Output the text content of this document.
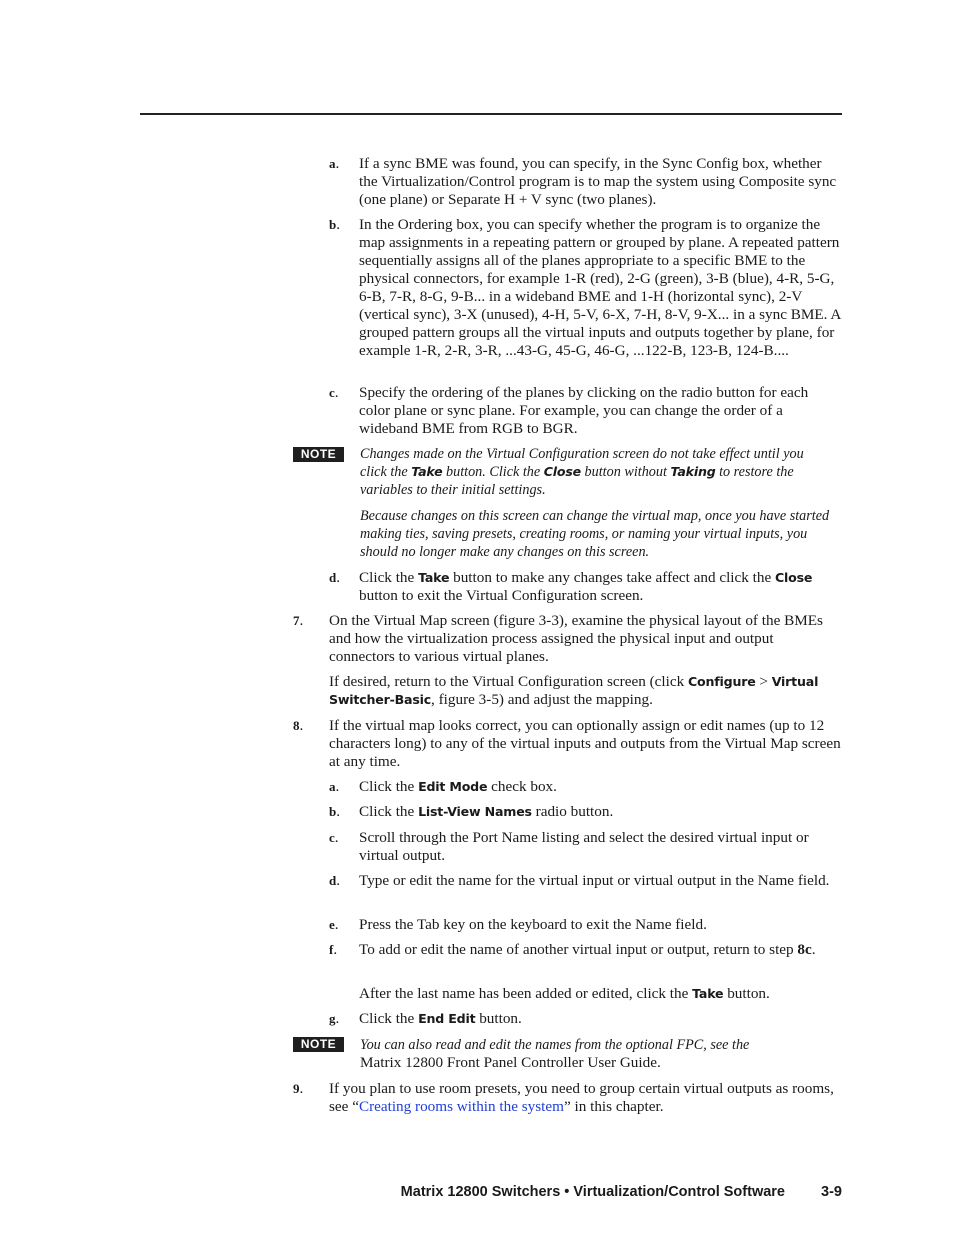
a.	If a sync BME was found, you can specify, in the Sync Config box, whether the Virtualization/Control program is to map the system using Composite sync (one plane) or Separate H + V sync (two planes).
b.	In the Ordering box, you can specify whether the program is to organize the map assignments in a repeating pattern or grouped by plane. A repeated pattern sequentially assigns all of the planes appropriate to a specific BME to the physical connectors, for example 1-R (red), 2-G (green), 3-B (blue), 4-R, 5-G, 6-B, 7-R, 8-G, 9-B... in a wideband BME and 1-H (horizontal sync), 2-V (vertical sync), 3-X (unused), 4-H, 5-V, 6-X, 7-H, 8-V, 9-X... in a sync BME. A grouped pattern groups all the virtual inputs and outputs together by plane, for example 1-R, 2-R, 3-R, ...43-G, 45-G, 46-G, ...122-B, 123-B, 124-B....
c.	Specify the ordering of the planes by clicking on the radio button for each color plane or sync plane. For example, you can change the order of a wideband BME from RGB to BGR.
NOTE	Changes made on the Virtual Configuration screen do not take effect until you click the Take button. Click the Close button without Taking to restore the variables to their initial settings.
Because changes on this screen can change the virtual map, once you have started making ties, saving presets, creating rooms, or naming your virtual inputs, you should no longer make any changes on this screen.
d.	Click the Take button to make any changes take affect and click the Close button to exit the Virtual Configuration screen.
7.	On the Virtual Map screen (figure 3-3), examine the physical layout of the BMEs and how the virtualization process assigned the physical input and output connectors to various virtual planes.
If desired, return to the Virtual Configuration screen (click Configure > Virtual Switcher-Basic, figure 3-5) and adjust the mapping.
8.	If the virtual map looks correct, you can optionally assign or edit names (up to 12 characters long) to any of the virtual inputs and outputs from the Virtual Map screen at any time.
a.	Click the Edit Mode check box.
b.	Click the List-View Names radio button.
c.	Scroll through the Port Name listing and select the desired virtual input or virtual output.
d.	Type or edit the name for the virtual input or virtual output in the Name field.
e.	Press the Tab key on the keyboard to exit the Name field.
f.	To add or edit the name of another virtual input or output, return to step 8c.
After the last name has been added or edited, click the Take button.
g.	Click the End Edit button.
NOTE	You can also read and edit the names from the optional FPC, see the
Matrix 12800 Front Panel Controller User Guide.
9.	If you plan to use room presets, you need to group certain virtual outputs as rooms, see “Creating rooms within the system” in this chapter.
Matrix 12800 Switchers • Virtualization/Control Software 3-9
